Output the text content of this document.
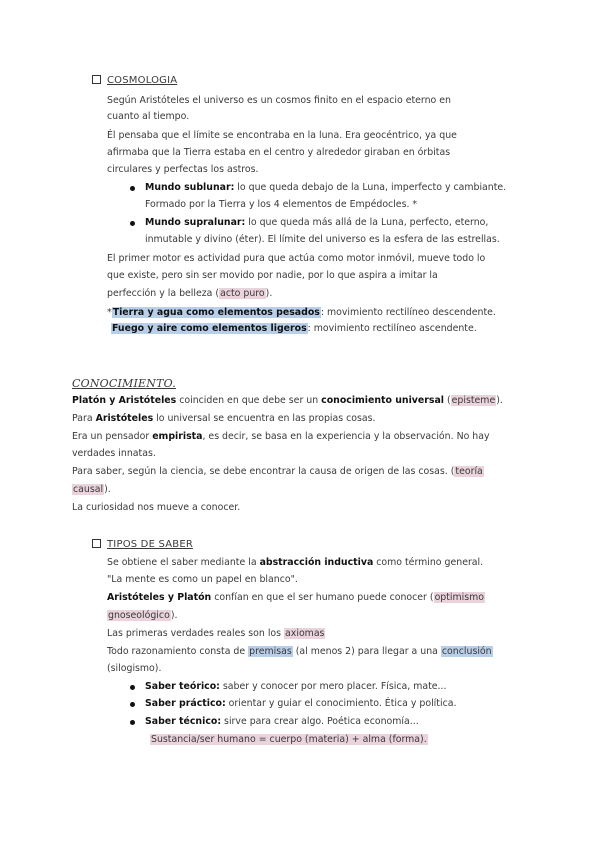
COSMOLOGIA
Según Aristóteles el universo es un cosmos finito en el espacio eterno en
cuanto al tiempo.
Él pensaba que el límite se encontraba en la luna. Era geocéntrico, ya que
afirmaba que la Tierra estaba en el centro y alrededor giraban en órbitas
circulares y perfectas los astros.
Mundo sublunar: lo que queda debajo de la Luna, imperfecto y cambiante.
Formado por la Tierra y los 4 elementos de Empédocles. *
Mundo supralunar: lo que queda más allá de la Luna, perfecto, eterno,
inmutable y divino (éter). El límite del universo es la esfera de las estrellas.
El primer motor es actividad pura que actúa como motor inmóvil, mueve todo lo
que existe, pero sin ser movido por nadie, por lo que aspira a imitar la
perfección y la belleza (acto puro).
*Tierra y agua como elementos pesados: movimiento rectilíneo descendente.
Fuego y aire como elementos ligeros: movimiento rectilíneo ascendente.
CONOCIMIENTO.
Platón y Aristóteles coinciden en que debe ser un conocimiento universal (episteme).
Para Aristóteles lo universal se encuentra en las propias cosas.
Era un pensador empirista, es decir, se basa en la experiencia y la observación. No hay
verdades innatas.
Para saber, según la ciencia, se debe encontrar la causa de origen de las cosas. (teoría
causal).
La curiosidad nos mueve a conocer.
TIPOS DE SABER
Se obtiene el saber mediante la abstracción inductiva como término general.
"La mente es como un papel en blanco".
Aristóteles y Platón confían en que el ser humano puede conocer (optimismo
gnoseológico).
Las primeras verdades reales son los axiomas
Todo razonamiento consta de premisas (al menos 2) para llegar a una conclusión
(silogismo).
Saber teórico: saber y conocer por mero placer. Física, mate...
Saber práctico: orientar y guiar el conocimiento. Ética y política.
Saber técnico: sirve para crear algo. Poética economía...
Sustancia/ser humano = cuerpo (materia) + alma (forma).
